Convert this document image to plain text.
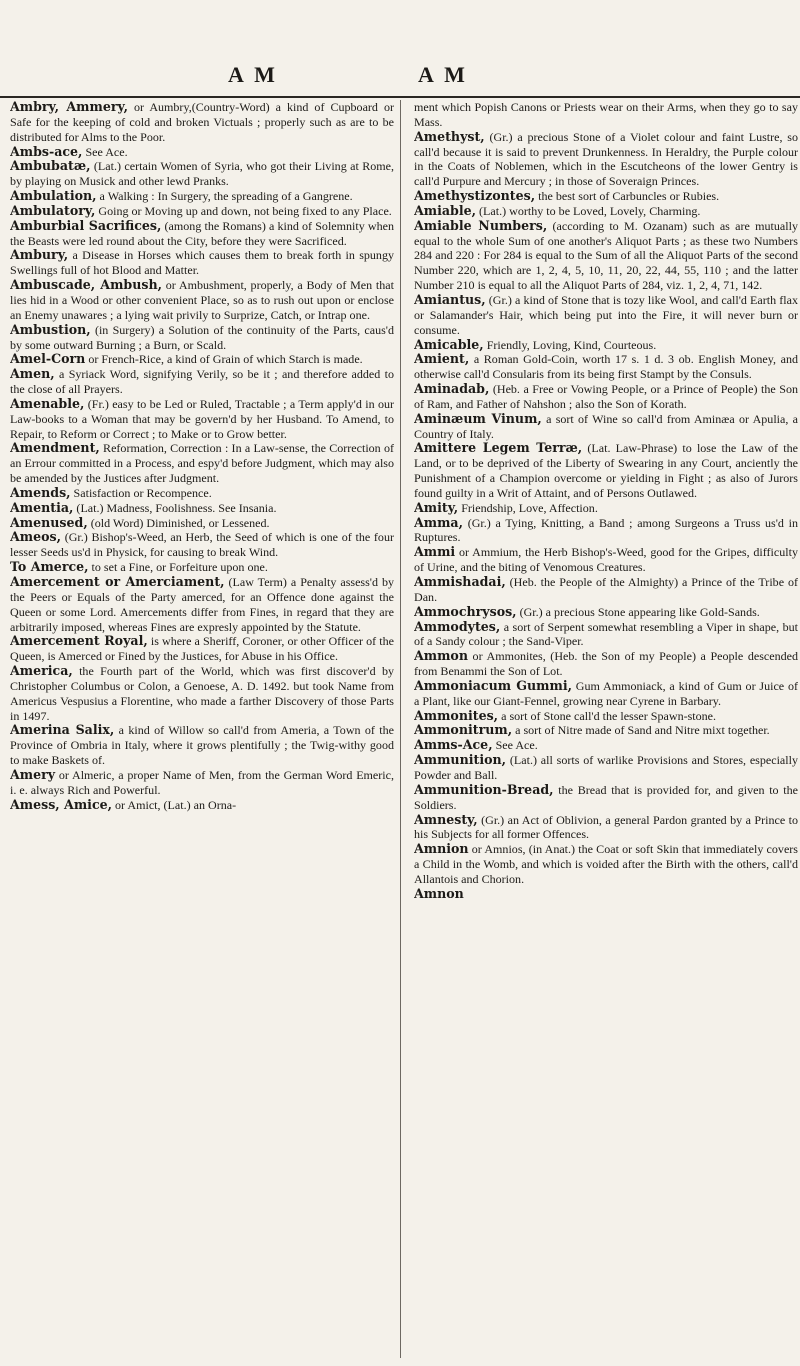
A M	A M

Ambry, Ammery, or Aumbry,(Country-Word) a kind of Cupboard or Safe for the keeping of cold and broken Victuals ; properly such as are to be distributed for Alms to the Poor.

Ambs-ace, See Ace.

Ambubatæ, (Lat.) certain Women of Syria, who got their Living at Rome, by playing on Musick and other lewd Pranks.

Ambulation, a Walking : In Surgery, the spreading of a Gangrene.

Ambulatory, Going or Moving up and down, not being fixed to any Place.

Amburbial Sacrifices, (among the Romans) a kind of Solemnity when the Beasts were led round about the City, before they were Sacrificed.

Ambury, a Disease in Horses which causes them to break forth in spungy Swellings full of hot Blood and Matter.

Ambuscade, Ambush, or Ambushment, properly, a Body of Men that lies hid in a Wood or other convenient Place, so as to rush out upon or enclose an Enemy unawares ; a lying wait privily to Surprize, Catch, or Intrap one.

Ambustion, (in Surgery) a Solution of the continuity of the Parts, caus'd by some outward Burning ; a Burn, or Scald.

Amel-Corn or French-Rice, a kind of Grain of which Starch is made.

Amen, a Syriack Word, signifying Verily, so be it ; and therefore added to the close of all Prayers.

Amenable, (Fr.) easy to be Led or Ruled, Tractable ; a Term apply'd in our Law-books to a Woman that may be govern'd by her Husband. To Amend, to Repair, to Reform or Correct ; to Make or to Grow better.

Amendment, Reformation, Correction : In a Law-sense, the Correction of an Errour committed in a Process, and espy'd before Judgment, which may also be amended by the Justices after Judgment.

Amends, Satisfaction or Recompence.

Amentia, (Lat.) Madness, Foolishness. See Insania.

Amenused, (old Word) Diminished, or Lessened.

Ameos, (Gr.) Bishop's-Weed, an Herb, the Seed of which is one of the four lesser Seeds us'd in Physick, for causing to break Wind.

To Amerce, to set a Fine, or Forfeiture upon one.

Amercement or Amerciament, (Law Term) a Penalty assess'd by the Peers or Equals of the Party amerced, for an Offence done against the Queen or some Lord. Amercements differ from Fines, in regard that they are arbitrarily imposed, whereas Fines are expresly appointed by the Statute.

Amercement Royal, is where a Sheriff, Coroner, or other Officer of the Queen, is Amerced or Fined by the Justices, for Abuse in his Office.

America, the Fourth part of the World, which was first discover'd by Christopher Columbus or Colon, a Genoese, A. D. 1492. but took Name from Americus Vespusius a Florentine, who made a farther Discovery of those Parts in 1497.

Amerina Salix, a kind of Willow so call'd from Ameria, a Town of the Province of Ombria in Italy, where it grows plentifully ; the Twig-withy good to make Baskets of.

Amery or Almeric, a proper Name of Men, from the German Word Emeric, i. e. always Rich and Powerful.

Amess, Amice, or Amict, (Lat.) an Orna-

ment which Popish Canons or Priests wear on their Arms, when they go to say Mass.

Amethyst, (Gr.) a precious Stone of a Violet colour and faint Lustre, so call'd because it is said to prevent Drunkenness. In Heraldry, the Purple colour in the Coats of Noblemen, which in the Escutcheons of the lower Gentry is call'd Purpure and Mercury ; in those of Soveraign Princes.

Amethystizontes, the best sort of Carbuncles or Rubies.

Amiable, (Lat.) worthy to be Loved, Lovely, Charming.

Amiable Numbers, (according to M. Ozanam) such as are mutually equal to the whole Sum of one another's Aliquot Parts ; as these two Numbers 284 and 220 : For 284 is equal to the Sum of all the Aliquot Parts of the second Number 220, which are 1, 2, 4, 5, 10, 11, 20, 22, 44, 55, 110 ; and the latter Number 210 is equal to all the Aliquot Parts of 284, viz. 1, 2, 4, 71, 142.

Amiantus, (Gr.) a kind of Stone that is tozy like Wool, and call'd Earth flax or Salamander's Hair, which being put into the Fire, it will never burn or consume.

Amicable, Friendly, Loving, Kind, Courteous.

Amient, a Roman Gold-Coin, worth 17 s. 1 d. 3 ob. English Money, and otherwise call'd Consularis from its being first Stampt by the Consuls.

Aminadab, (Heb. a Free or Vowing People, or a Prince of People) the Son of Ram, and Father of Nahshon ; also the Son of Korath.

Aminæum Vinum, a sort of Wine so call'd from Aminæa or Apulia, a Country of Italy.

Amittere Legem Terræ, (Lat. Law-Phrase) to lose the Law of the Land, or to be deprived of the Liberty of Swearing in any Court, anciently the Punishment of a Champion overcome or yielding in Fight ; as also of Jurors found guilty in a Writ of Attaint, and of Persons Outlawed.

Amity, Friendship, Love, Affection.

Amma, (Gr.) a Tying, Knitting, a Band ; among Surgeons a Truss us'd in Ruptures.

Ammi or Ammium, the Herb Bishop's-Weed, good for the Gripes, difficulty of Urine, and the biting of Venomous Creatures.

Ammishadai, (Heb. the People of the Almighty) a Prince of the Tribe of Dan.

Ammochrysos, (Gr.) a precious Stone appearing like Gold-Sands.

Ammodytes, a sort of Serpent somewhat resembling a Viper in shape, but of a Sandy colour ; the Sand-Viper.

Ammon or Ammonites, (Heb. the Son of my People) a People descended from Benammi the Son of Lot.

Ammoniacum Gummi, Gum Ammoniack, a kind of Gum or Juice of a Plant, like our Giant-Fennel, growing near Cyrene in Barbary.

Ammonites, a sort of Stone call'd the lesser Spawn-stone.

Ammonitrum, a sort of Nitre made of Sand and Nitre mixt together.

Amms-Ace, See Ace.

Ammunition, (Lat.) all sorts of warlike Provisions and Stores, especially Powder and Ball.

Ammunition-Bread, the Bread that is provided for, and given to the Soldiers.

Amnesty, (Gr.) an Act of Oblivion, a general Pardon granted by a Prince to his Subjects for all former Offences.

Amnion or Amnios, (in Anat.) the Coat or soft Skin that immediately covers a Child in the Womb, and which is voided after the Birth with the others, call'd Allantois and Chorion.

Amnon
